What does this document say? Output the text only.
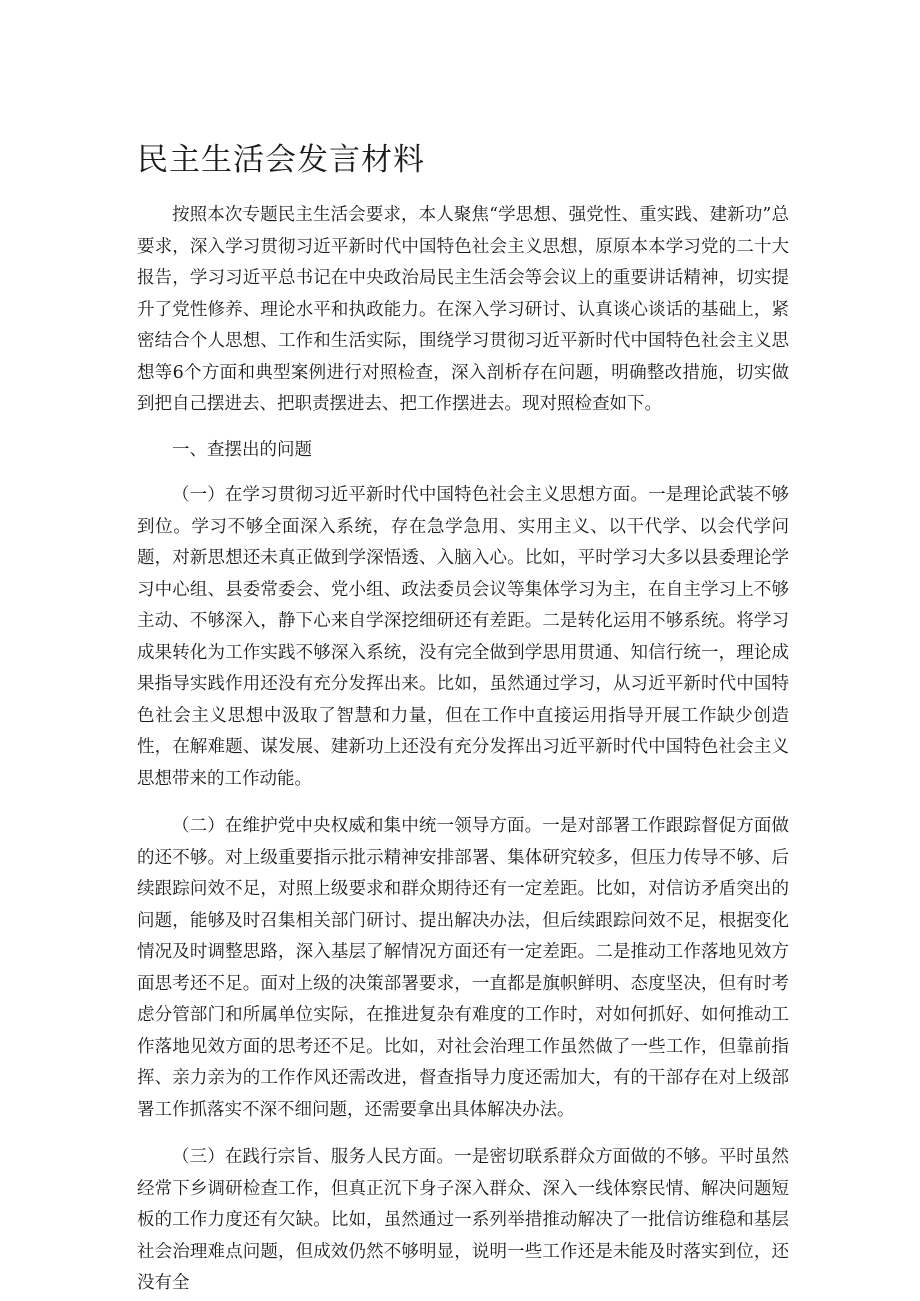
民主生活会发言材料

按照本次专题民主生活会要求，本人聚焦“学思想、强党性、重实践、建新功”总要求，深入学习贯彻习近平新时代中国特色社会主义思想，原原本本学习党的二十大报告，学习习近平总书记在中央政治局民主生活会等会议上的重要讲话精神，切实提升了党性修养、理论水平和执政能力。在深入学习研讨、认真谈心谈话的基础上，紧密结合个人思想、工作和生活实际，围绕学习贯彻习近平新时代中国特色社会主义思想等6个方面和典型案例进行对照检查，深入剖析存在问题，明确整改措施，切实做到把自己摆进去、把职责摆进去、把工作摆进去。现对照检查如下。

一、查摆出的问题

（一）在学习贯彻习近平新时代中国特色社会主义思想方面。一是理论武装不够到位。学习不够全面深入系统，存在急学急用、实用主义、以干代学、以会代学问题，对新思想还未真正做到学深悟透、入脑入心。比如，平时学习大多以县委理论学习中心组、县委常委会、党小组、政法委员会议等集体学习为主，在自主学习上不够主动、不够深入，静下心来自学深挖细研还有差距。二是转化运用不够系统。将学习成果转化为工作实践不够深入系统，没有完全做到学思用贯通、知信行统一，理论成果指导实践作用还没有充分发挥出来。比如，虽然通过学习，从习近平新时代中国特色社会主义思想中汲取了智慧和力量，但在工作中直接运用指导开展工作缺少创造性，在解难题、谋发展、建新功上还没有充分发挥出习近平新时代中国特色社会主义思想带来的工作动能。

（二）在维护党中央权威和集中统一领导方面。一是对部署工作跟踪督促方面做的还不够。对上级重要指示批示精神安排部署、集体研究较多，但压力传导不够、后续跟踪问效不足，对照上级要求和群众期待还有一定差距。比如，对信访矛盾突出的问题，能够及时召集相关部门研讨、提出解决办法，但后续跟踪问效不足，根据变化情况及时调整思路，深入基层了解情况方面还有一定差距。二是推动工作落地见效方面思考还不足。面对上级的决策部署要求，一直都是旗帜鲜明、态度坚决，但有时考虑分管部门和所属单位实际，在推进复杂有难度的工作时，对如何抓好、如何推动工作落地见效方面的思考还不足。比如，对社会治理工作虽然做了一些工作，但靠前指挥、亲力亲为的工作作风还需改进，督查指导力度还需加大，有的干部存在对上级部署工作抓落实不深不细问题，还需要拿出具体解决办法。

（三）在践行宗旨、服务人民方面。一是密切联系群众方面做的不够。平时虽然经常下乡调研检查工作，但真正沉下身子深入群众、深入一线体察民情、解决问题短板的工作力度还有欠缺。比如，虽然通过一系列举措推动解决了一批信访维稳和基层社会治理难点问题，但成效仍然不够明显，说明一些工作还是未能及时落实到位，还没有全
